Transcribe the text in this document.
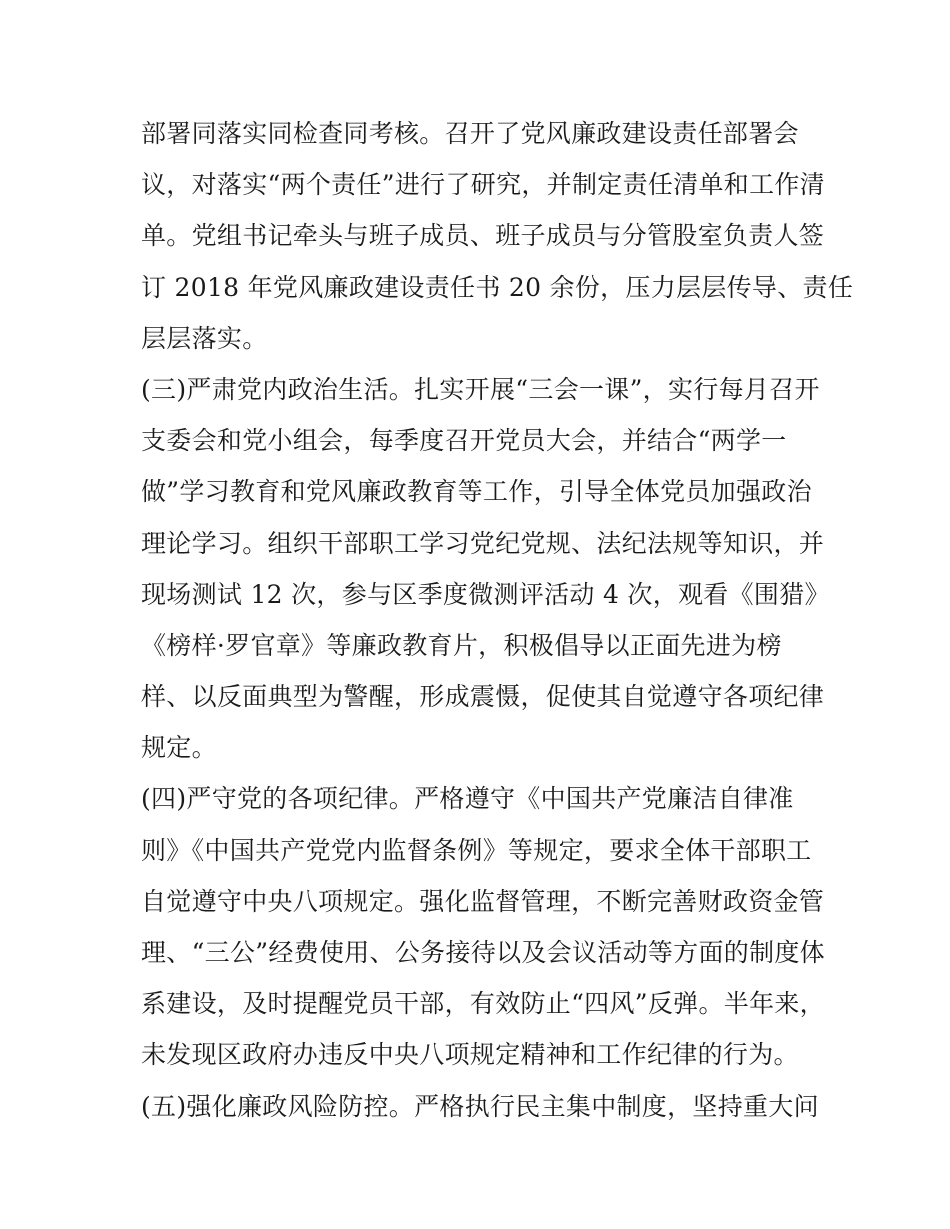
部署同落实同检查同考核。召开了党风廉政建设责任部署会
议，对落实“两个责任”进行了研究，并制定责任清单和工作清
单。党组书记牵头与班子成员、班子成员与分管股室负责人签
订 2018 年党风廉政建设责任书 20 余份，压力层层传导、责任
层层落实。
(三)严肃党内政治生活。扎实开展“三会一课”，实行每月召开
支委会和党小组会，每季度召开党员大会，并结合“两学一
做”学习教育和党风廉政教育等工作，引导全体党员加强政治
理论学习。组织干部职工学习党纪党规、法纪法规等知识，并
现场测试 12 次，参与区季度微测评活动 4 次，观看《围猎》
《榜样·罗官章》等廉政教育片，积极倡导以正面先进为榜
样、以反面典型为警醒，形成震慑，促使其自觉遵守各项纪律
规定。
(四)严守党的各项纪律。严格遵守《中国共产党廉洁自律准
则》《中国共产党党内监督条例》等规定，要求全体干部职工
自觉遵守中央八项规定。强化监督管理，不断完善财政资金管
理、“三公”经费使用、公务接待以及会议活动等方面的制度体
系建设，及时提醒党员干部，有效防止“四风”反弹。半年来，
未发现区政府办违反中央八项规定精神和工作纪律的行为。
(五)强化廉政风险防控。严格执行民主集中制度，坚持重大问
